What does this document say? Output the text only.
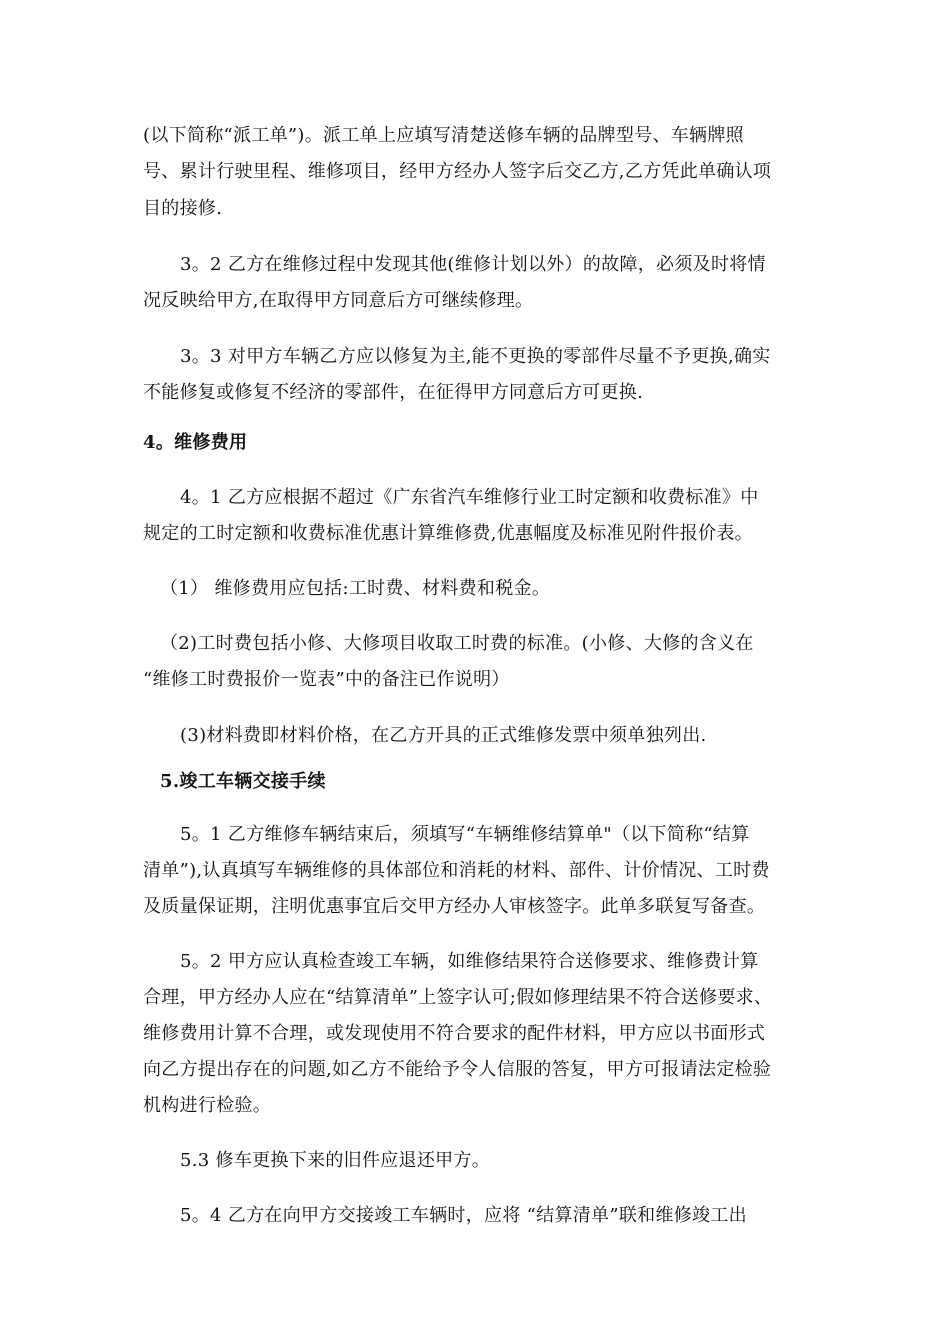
(以下简称“派工单”)。派工单上应填写清楚送修车辆的品牌型号、车辆牌照
号、累计行驶里程、维修项目，经甲方经办人签字后交乙方,乙方凭此单确认项
目的接修.
3。2 乙方在维修过程中发现其他(维修计划以外）的故障，必须及时将情
况反映给甲方,在取得甲方同意后方可继续修理。
3。3 对甲方车辆乙方应以修复为主,能不更换的零部件尽量不予更换,确实
不能修复或修复不经济的零部件，在征得甲方同意后方可更换.
4。维修费用
4。1 乙方应根据不超过《广东省汽车维修行业工时定额和收费标准》中
规定的工时定额和收费标准优惠计算维修费,优惠幅度及标准见附件报价表。
（1） 维修费用应包括:工时费、材料费和税金。
（2)工时费包括小修、大修项目收取工时费的标准。(小修、大修的含义在
“维修工时费报价一览表”中的备注已作说明）
(3)材料费即材料价格，在乙方开具的正式维修发票中须单独列出.
5.竣工车辆交接手续
5。1 乙方维修车辆结束后，须填写“车辆维修结算单"（以下简称“结算
清单”),认真填写车辆维修的具体部位和消耗的材料、部件、计价情况、工时费
及质量保证期，注明优惠事宜后交甲方经办人审核签字。此单多联复写备查。
5。2 甲方应认真检查竣工车辆，如维修结果符合送修要求、维修费计算
合理，甲方经办人应在“结算清单”上签字认可;假如修理结果不符合送修要求、
维修费用计算不合理，或发现使用不符合要求的配件材料，甲方应以书面形式
向乙方提出存在的问题,如乙方不能给予令人信服的答复，甲方可报请法定检验
机构进行检验。
5.3 修车更换下来的旧件应退还甲方。
5。4 乙方在向甲方交接竣工车辆时，应将 “结算清单”联和维修竣工出
